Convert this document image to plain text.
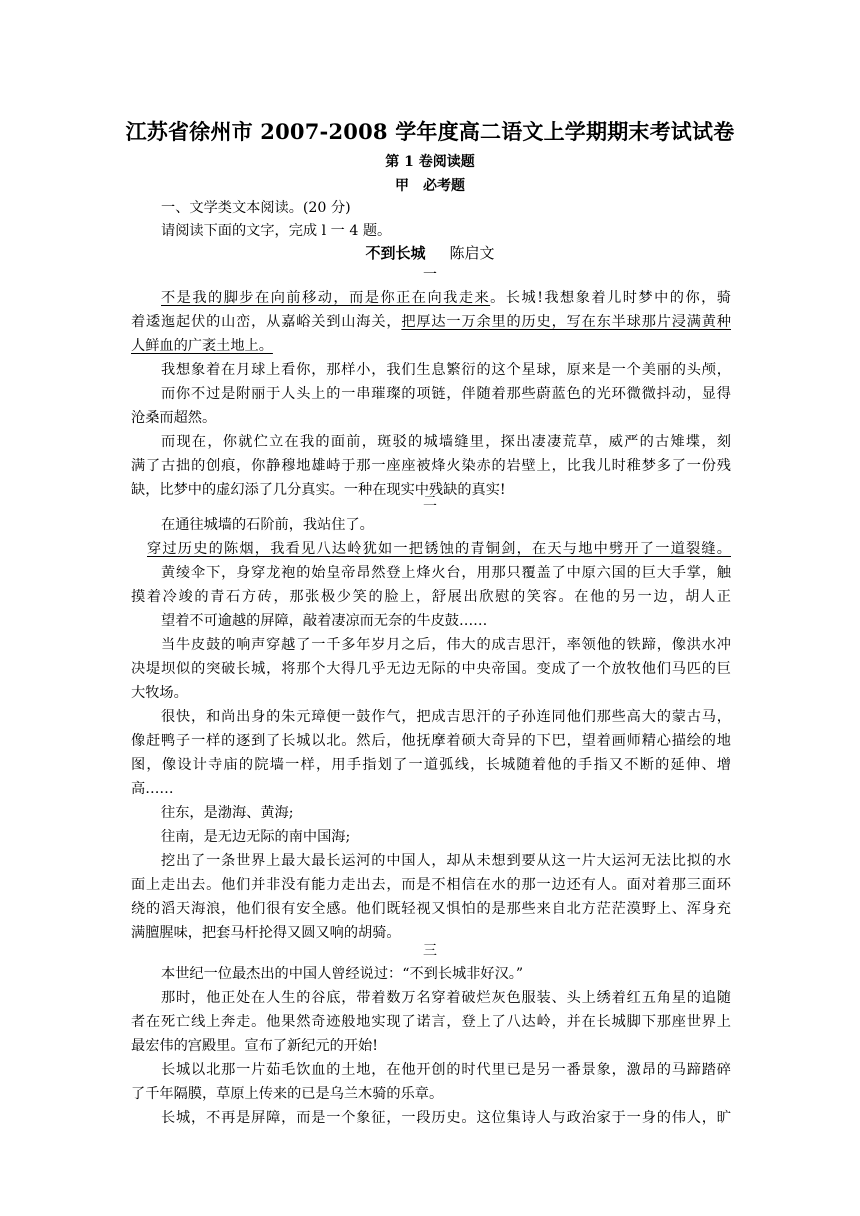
江苏省徐州市 2007-2008 学年度高二语文上学期期末考试试卷
第 1 卷阅读题
甲　必考题
一、文学类文本阅读。(20 分)
请阅读下面的文字，完成 l 一 4 题。
不到长城 陈启文
一
不是我的脚步在向前移动，而是你正在向我走来。长城!我想象着儿时梦中的你，骑
着逶迤起伏的山峦，从嘉峪关到山海关，把厚达一万余里的历史，写在东半球那片浸满黄种
人鲜血的广袤土地上。
我想象着在月球上看你，那样小，我们生息繁衍的这个星球，原来是一个美丽的头颅，
而你不过是附丽于人头上的一串璀璨的项链，伴随着那些蔚蓝色的光环微微抖动，显得
沧桑而超然。
而现在，你就伫立在我的面前，斑驳的城墙缝里，探出凄凄荒草，威严的古雉堞，刻
满了古拙的创痕，你静穆地雄峙于那一座座被烽火染赤的岩壁上，比我儿时稚梦多了一份残
缺，比梦中的虚幻添了几分真实。一种在现实中残缺的真实!
二
在通往城墙的石阶前，我站住了。
穿过历史的陈烟，我看见八达岭犹如一把锈蚀的青铜剑，在天与地中劈开了一道裂缝。
黄绫伞下，身穿龙袍的始皇帝昂然登上烽火台，用那只覆盖了中原六国的巨大手掌，触
摸着冷竣的青石方砖，那张极少笑的脸上，舒展出欣慰的笑容。在他的另一边，胡人正
望着不可逾越的屏障，敲着凄凉而无奈的牛皮鼓……
当牛皮鼓的响声穿越了一千多年岁月之后，伟大的成吉思汗，率领他的铁蹄，像洪水冲
决堤坝似的突破长城，将那个大得几乎无边无际的中央帝国。变成了一个放牧他们马匹的巨
大牧场。
很快，和尚出身的朱元璋便一鼓作气，把成吉思汗的子孙连同他们那些高大的蒙古马，
像赶鸭子一样的逐到了长城以北。然后，他抚摩着硕大奇异的下巴，望着画师精心描绘的地
图，像设计寺庙的院墙一样，用手指划了一道弧线，长城随着他的手指又不断的延伸、增
高……
往东，是渤海、黄海;
往南，是无边无际的南中国海;
挖出了一条世界上最大最长运河的中国人，却从未想到要从这一片大运河无法比拟的水
面上走出去。他们并非没有能力走出去，而是不相信在水的那一边还有人。面对着那三面环
绕的滔天海浪，他们很有安全感。他们既轻视又惧怕的是那些来自北方茫茫漠野上、浑身充
满膻腥味，把套马杆抡得又圆又响的胡骑。
三
本世纪一位最杰出的中国人曾经说过：“不到长城非好汉。”
那时，他正处在人生的谷底，带着数万名穿着破烂灰色服装、头上绣着红五角星的追随
者在死亡线上奔走。他果然奇迹般地实现了诺言，登上了八达岭，并在长城脚下那座世界上
最宏伟的宫殿里。宣布了新纪元的开始!
长城以北那一片茹毛饮血的土地，在他开创的时代里已是另一番景象，激昂的马蹄踏碎
了千年隔膜，草原上传来的已是乌兰木骑的乐章。
长城，不再是屏障，而是一个象征，一段历史。这位集诗人与政治家于一身的伟人，旷
